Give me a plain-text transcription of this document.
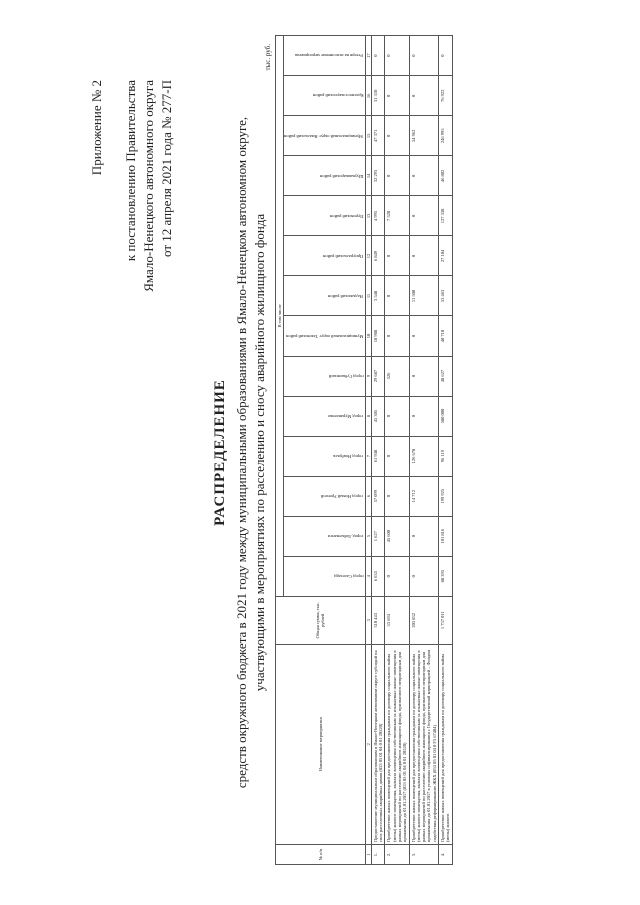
Приложение № 2 к постановлению Правительства Ямало-Ненецкого автономного округа от 12 апреля 2021 года № 277-П
РАСПРЕДЕЛЕНИЕ средств окружного бюджета в 2021 году между муниципальными образованиями в Ямало-Ненецком автономном округе, участвующими в мероприятиях по расселению и сносу аварийного жилищного фонда
тыс. руб.
№ п/п	Наименование мероприятия	Общая сумма, тыс. рублей	В том числе													
			город Салехард	город Лабытнанги	город Новый Уренгой	город Ноябрьск	город Муравленко	город Губкинский	Муниципальный округ Тазовский район	Надымский район	Приуральский район	Пуровский район	Шурышкарский район	Муниципальный округ Ямальский район	Красноселькупский район	Резерв на исполнение мероприятия
1	2	3	4	5	6	7	8	9	10	11	12	13	14	15	16	17
1.	Предоставление муниципальным образованиям в Ямало-Ненецком автономном округе субсидий на снос расселенных аварийных домов (853 05 01 04 0 01 20520)	310 443	6 635	1 627	57 099	61 948	45 305	29 687	18 988	3 548	6 849	4 995	32 293	47 371	31 310	0
2.	Приобретение жилых помещений для предоставления гражданам по договору социального найма (мены) жилого помещения, выплата возмещения собственникам за изымаемые жилые помещения в рамках мероприятий по расселению аварийного жилищного фонда, признанного непригодным для проживания до 01.01.2017 (853 05 01 04 0 01 20520)	53 694	0	45 600	0	0	0	526	0	0	0	7 528	0	0	0	0
3.	Приобретение жилых помещений для предоставления гражданам по договору социального найма (мены) жилого помещения, выплата возмещения собственникам за изымаемые жилые помещения в рамках мероприятий по расселению аварийного жилищного фонда, признанного непригодным для проживания до 01.01.2017 в условиях софинансирования с Государственной корпорацией – Фондом содействия реформированию ЖКХ (853 05 01 04 0 F3 67484)	203 832	0	0	14 712	126 678	0	0	0	11 500	0	0	0	54 962	0	0
4.	Приобретение жилых помещений для предоставления гражданам по договору социального найма (мены) жилого	1 737 011	88 395	101 816	199 925	96 119	580 000	48 627	40 710	53 463	27 104	127 338	46 802	246 995	76 922	0
